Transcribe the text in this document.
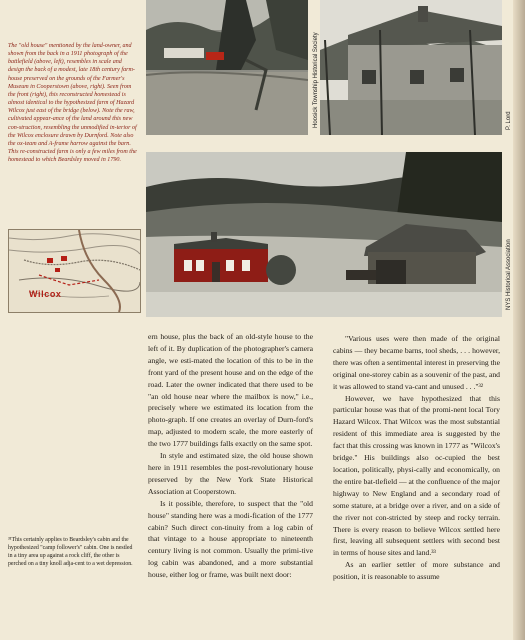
Hoosick Township Historical Society	P. Lord

The "old house" mentioned by the land-owner, and shown from the back in a 1911 photograph of the battlefield (above, left), resembles in scale and design the back of a modest, late 18th century farm-house preserved on the grounds of the Farmer's Museum in Cooperstown (above, right). Seen from the front (right), this reconstructed homestead is almost identical to the hypothesized farm of Hazard Wilcox just east of the bridge (below). Note the raw, cultivated appear-ance of the land around this new con-struction, resembling the unmodified in-terior of the Wilcox enclosure drawn by Durnford. Note also the ox-team and A-frame harrow against the barn. This re-constructed farm is only a few miles from the homestead to which Beardsley moved in 1790.

NYS Historical Association
Wilcox

³¹This certainly applies to Beardsley's cabin and the hypothesized "camp follower's" cabin. One is nestled in a tiny area up against a rock cliff, the other is perched on a tiny knoll adja-cent to a wet depression.

ern house, plus the back of an old-style house to the left of it. By duplication of the photographer's camera angle, we esti-mated the location of this to be in the front yard of the present house and on the edge of the road. Later the owner indicated that there used to be "an old house near where the mailbox is now," i.e., precisely where we estimated its location from the photo-graph. If one creates an overlay of Durn-ford's map, adjusted to modern scale, the more easterly of the two 1777 buildings falls exactly on the same spot.

In style and estimated size, the old house shown here in 1911 resembles the post-revolutionary house preserved by the New York State Historical Association at Cooperstown.

Is it possible, therefore, to suspect that the "old house" standing here was a modi-fication of the 1777 cabin? Such direct con-tinuity from a log cabin of that vintage to a house appropriate to nineteenth century living is not common. Usually the primi-tive log cabin was abandoned, and a more substantial house, either log or frame, was built next door:

"Various uses were then made of the original cabins — they became barns, tool sheds, . . . however, there was often a sentimental interest in preserving the original one-storey cabin as a souvenir of the past, and it was allowed to stand va-cant and unused . . ."³²

However, we have hypothesized that this particular house was that of the promi-nent local Tory Hazard Wilcox. That Wilcox was the most substantial resident of this immediate area is suggested by the fact that this crossing was known in 1777 as "Wilcox's bridge." His buildings also oc-cupied the best location, politically, physi-cally and economically, on the entire bat-tlefield — at the confluence of the major highway to New England and a secondary road of some stature, at a bridge over a river, and on a side of the river not con-stricted by steep and rocky terrain. There is every reason to believe Wilcox settled here first, leaving all subsequent settlers with second best in terms of house sites and land.³³

As an earlier settler of more substance and position, it is reasonable to assume
